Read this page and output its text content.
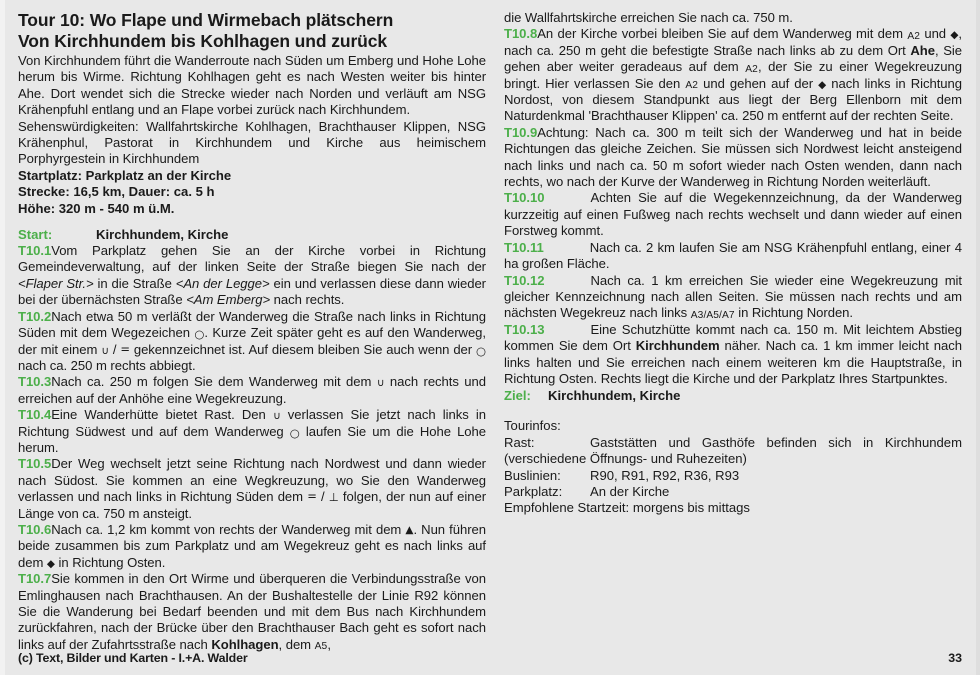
Tour 10: Wo Flape und Wirmebach plätschern
Von Kirchhundem bis Kohlhagen und zurück

Von Kirchhundem führt die Wanderroute nach Süden um Emberg und Hohe Lohe herum bis Wirme. Richtung Kohlhagen geht es nach Westen weiter bis hinter Ahe. Dort wendet sich die Strecke wieder nach Norden und verläuft am NSG Krähenpfuhl entlang und an Flape vorbei zurück nach Kirchhundem.

Sehenswürdigkeiten: Wallfahrtskirche Kohlhagen, Brachthauser Klippen, NSG Krähenphul, Pastorat in Kirchhundem und Kirche aus heimischem Porphyrgestein in Kirchhundem

Startplatz: Parkplatz an der Kirche

Strecke: 16,5 km, Dauer: ca. 5 h

Höhe: 320 m - 540 m ü.M.

Start:	Kirchhundem, Kirche

T10.1Vom Parkplatz gehen Sie an der Kirche vorbei in Richtung Gemeindeverwaltung, auf der linken Seite der Straße biegen Sie nach der <Flaper Str.> in die Straße <An der Legge> ein und verlassen diese dann wieder bei der übernächsten Straße <Am Emberg> nach rechts.

T10.2Nach etwa 50 m verläßt der Wanderweg die Straße nach links in Richtung Süden mit dem Wegezeichen ○. Kurze Zeit später geht es auf den Wanderweg, der mit einem ∪ / = gekennzeichnet ist. Auf diesem bleiben Sie auch wenn der ○ nach ca. 250 m rechts abbiegt.

T10.3Nach ca. 250 m folgen Sie dem Wanderweg mit dem ∪ nach rechts und erreichen auf der Anhöhe eine Wegekreuzung.

T10.4Eine Wanderhütte bietet Rast. Den ∪ verlassen Sie jetzt nach links in Richtung Südwest und auf dem Wanderweg ○ laufen Sie um die Hohe Lohe herum.

T10.5Der Weg wechselt jetzt seine Richtung nach Nordwest und dann wieder nach Südost. Sie kommen an eine Wegkreuzung, wo Sie den Wanderweg verlassen und nach links in Richtung Süden dem = / ⊥ folgen, der nun auf einer Länge von ca. 750 m ansteigt.

T10.6Nach ca. 1,2 km kommt von rechts der Wanderweg mit dem ▲. Nun führen beide zusammen bis zum Parkplatz und am Wegekreuz geht es nach links auf dem ◆ in Richtung Osten.

T10.7Sie kommen in den Ort Wirme und überqueren die Verbindungsstraße von Emlinghausen nach Brachthausen. An der Bushaltestelle der Linie R92 können Sie die Wanderung bei Bedarf beenden und mit dem Bus nach Kirchhundem zurückfahren, nach der Brücke über den Brachthauser Bach geht es sofort nach links auf der Zufahrtsstraße nach Kohlhagen, dem A5,

die Wallfahrtskirche erreichen Sie nach ca. 750 m.

T10.8An der Kirche vorbei bleiben Sie auf dem Wanderweg mit dem A2 und ◆, nach ca. 250 m geht die befestigte Straße nach links ab zu dem Ort Ahe, Sie gehen aber weiter geradeaus auf dem A2, der Sie zu einer Wegekreuzung bringt. Hier verlassen Sie den A2 und gehen auf der ◆ nach links in Richtung Nordost, von diesem Standpunkt aus liegt der Berg Ellenborn mit dem Naturdenkmal 'Brachthauser Klippen' ca. 250 m entfernt auf der rechten Seite.

T10.9Achtung: Nach ca. 300 m teilt sich der Wanderweg und hat in beide Richtungen das gleiche Zeichen. Sie müssen sich Nordwest leicht ansteigend nach links und nach ca. 50 m sofort wieder nach Osten wenden, dann nach rechts, wo nach der Kurve der Wanderweg in Richtung Norden weiterläuft.

T10.10	Achten Sie auf die Wegekennzeichnung, da der Wanderweg kurzzeitig auf einen Fußweg nach rechts wechselt und dann wieder auf einen Forstweg kommt.

T10.11	Nach ca. 2 km laufen Sie am NSG Krähenpfuhl entlang, einer 4 ha großen Fläche.

T10.12	Nach ca. 1 km erreichen Sie wieder eine Wegekreuzung mit gleicher Kennzeichnung nach allen Seiten. Sie müssen nach rechts und am nächsten Wegekreuz nach links A3/A5/A7 in Richtung Norden.

T10.13	Eine Schutzhütte kommt nach ca. 150 m. Mit leichtem Abstieg kommen Sie dem Ort Kirchhundem näher. Nach ca. 1 km immer leicht nach links halten und Sie erreichen nach einem weiteren km die Hauptstraße, in Richtung Osten. Rechts liegt die Kirche und der Parkplatz Ihres Startpunktes.

Ziel: Kirchhundem, Kirche

Tourinfos:

Rast:	Gaststätten und Gasthöfe befinden sich in Kirchhundem (verschiedene Öffnungs- und Ruhezeiten)

Buslinien: R90, R91, R92, R36, R93

Parkplatz: An der Kirche

Empfohlene Startzeit: morgens bis mittags

(c) Text, Bilder und Karten - I.+A. Walder	33
